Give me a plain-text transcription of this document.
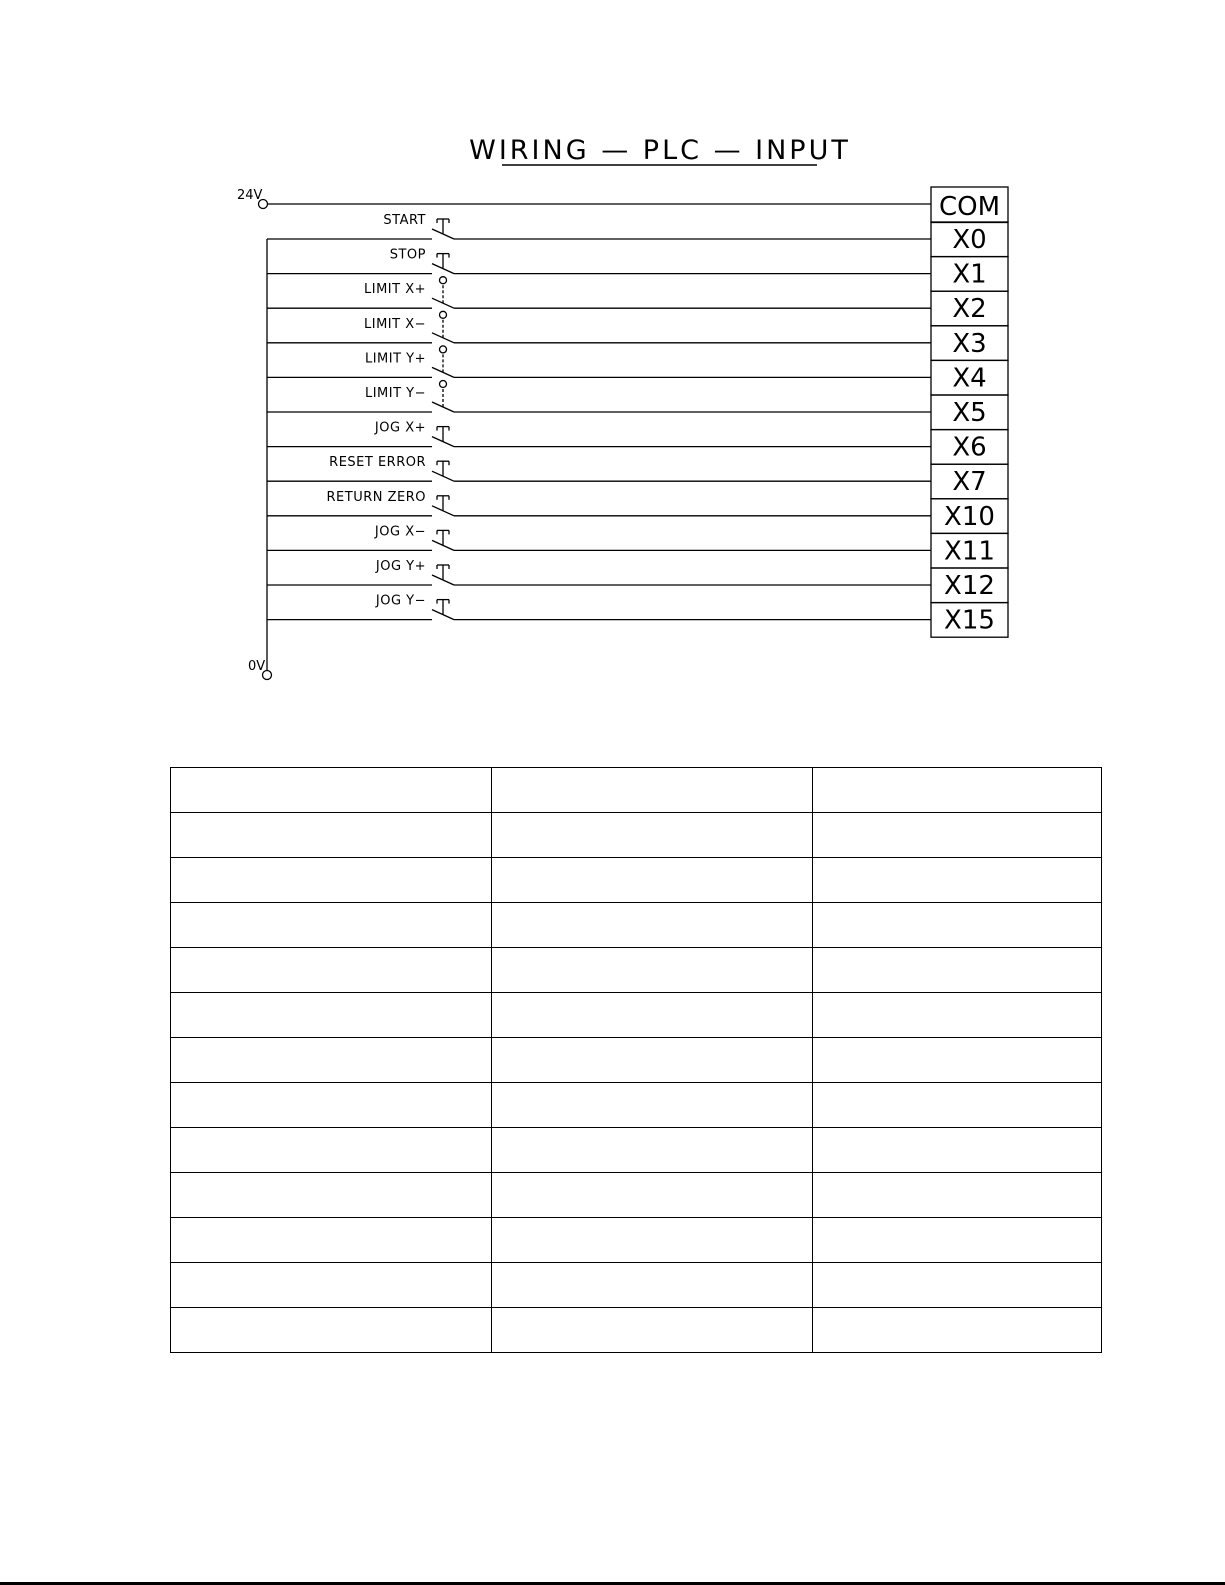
WIRING — PLC — INPUT
24V
0V
START
STOP
LIMIT X+
LIMIT X−
LIMIT Y+
LIMIT Y−
JOG X+
RESET ERROR
RETURN ZERO
JOG X−
JOG Y+
JOG Y−
COM
X0
X1
X2
X3
X4
X5
X6
X7
X10
X11
X12
X15
